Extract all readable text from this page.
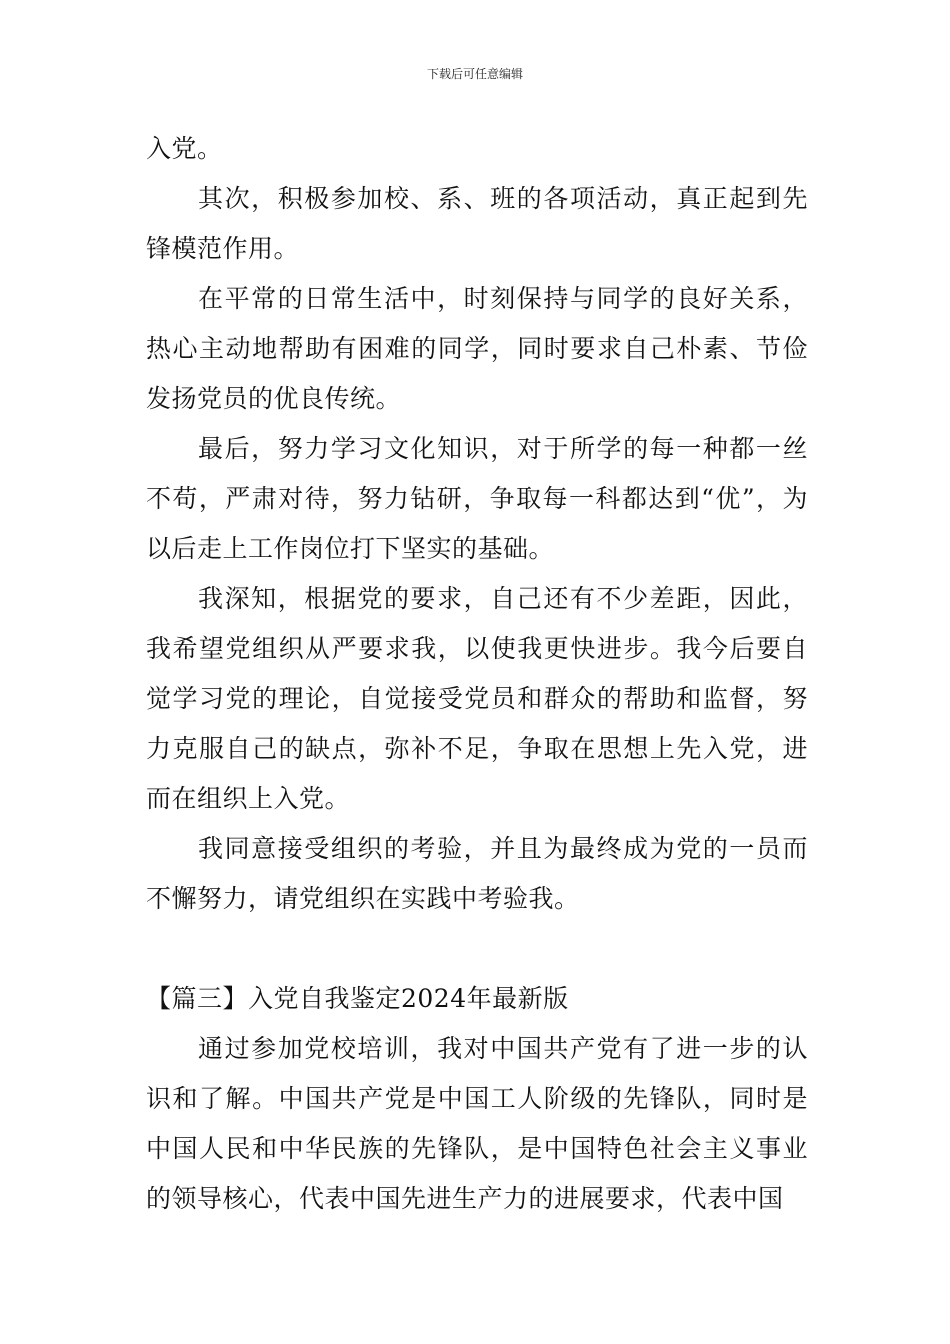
下载后可任意编辑

入党。

其次，积极参加校、系、班的各项活动，真正起到先锋模范作用。

在平常的日常生活中，时刻保持与同学的良好关系，热心主动地帮助有困难的同学，同时要求自己朴素、节俭发扬党员的优良传统。

最后，努力学习文化知识，对于所学的每一种都一丝不苟，严肃对待，努力钻研，争取每一科都达到“优”，为以后走上工作岗位打下坚实的基础。

我深知，根据党的要求，自己还有不少差距，因此，我希望党组织从严要求我，以使我更快进步。我今后要自觉学习党的理论，自觉接受党员和群众的帮助和监督，努力克服自己的缺点，弥补不足，争取在思想上先入党，进而在组织上入党。

我同意接受组织的考验，并且为最终成为党的一员而不懈努力，请党组织在实践中考验我。

【篇三】入党自我鉴定2024年最新版

通过参加党校培训，我对中国共产党有了进一步的认识和了解。中国共产党是中国工人阶级的先锋队，同时是中国人民和中华民族的先锋队，是中国特色社会主义事业的领导核心，代表中国先进生产力的进展要求，代表中国
